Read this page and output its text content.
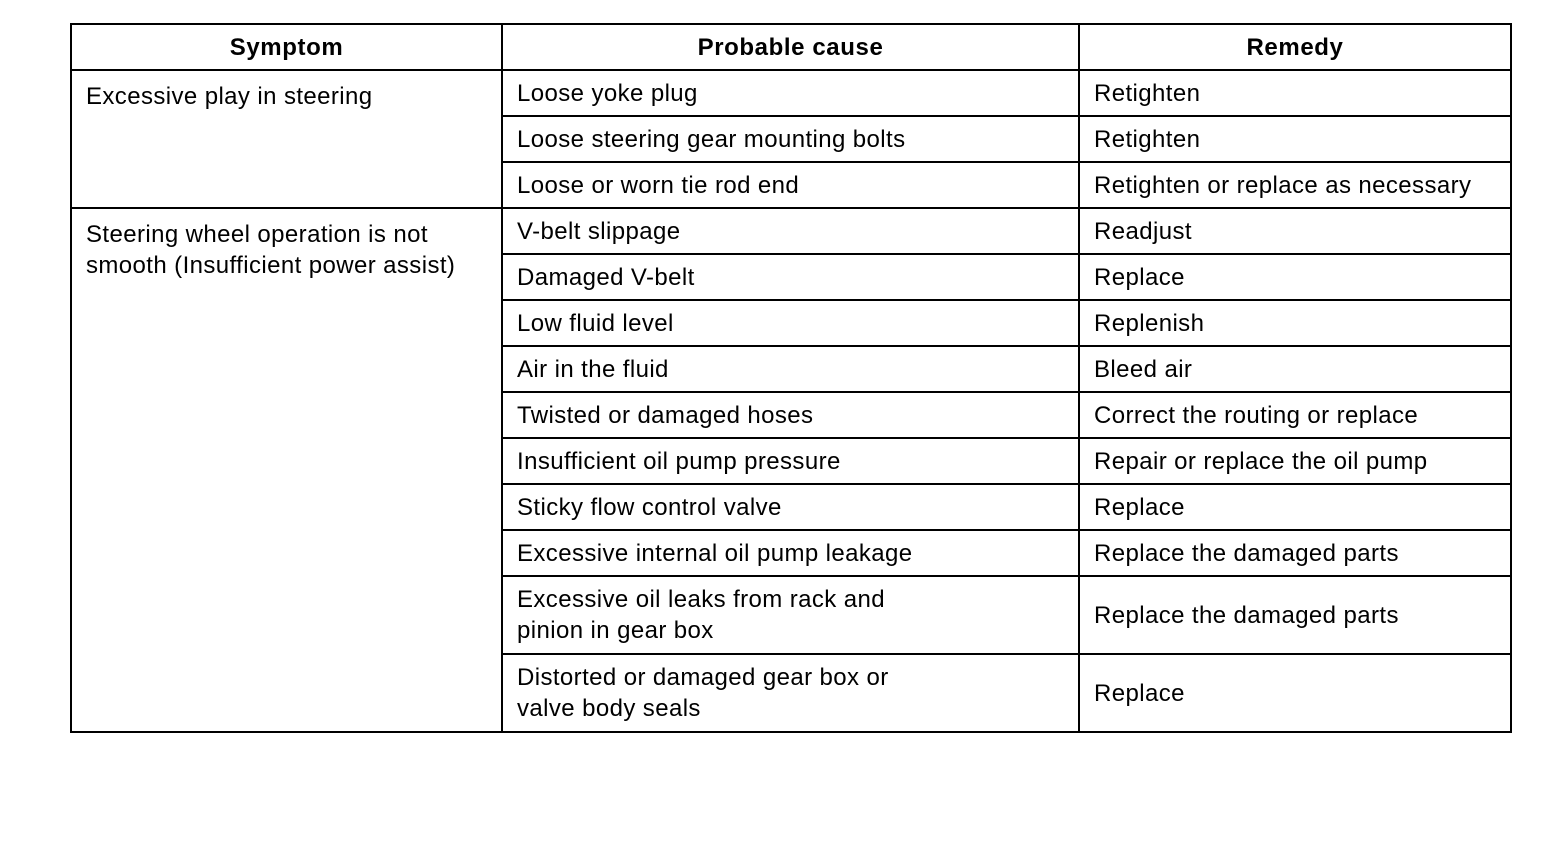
Symptom	Probable cause	Remedy
Excessive play in steering	Loose yoke plug	Retighten
	Loose steering gear mounting bolts	Retighten
	Loose or worn tie rod end	Retighten or replace as necessary
Steering wheel operation is not
smooth (Insufficient power assist)	V-belt slippage	Readjust
	Damaged V-belt	Replace
	Low fluid level	Replenish
	Air in the fluid	Bleed air
	Twisted or damaged hoses	Correct the routing or replace
	Insufficient oil pump pressure	Repair or replace the oil pump
	Sticky flow control valve	Replace
	Excessive internal oil pump leakage	Replace the damaged parts
	Excessive oil leaks from rack and
pinion in gear box	Replace the damaged parts
	Distorted or damaged gear box or
valve body seals	Replace
